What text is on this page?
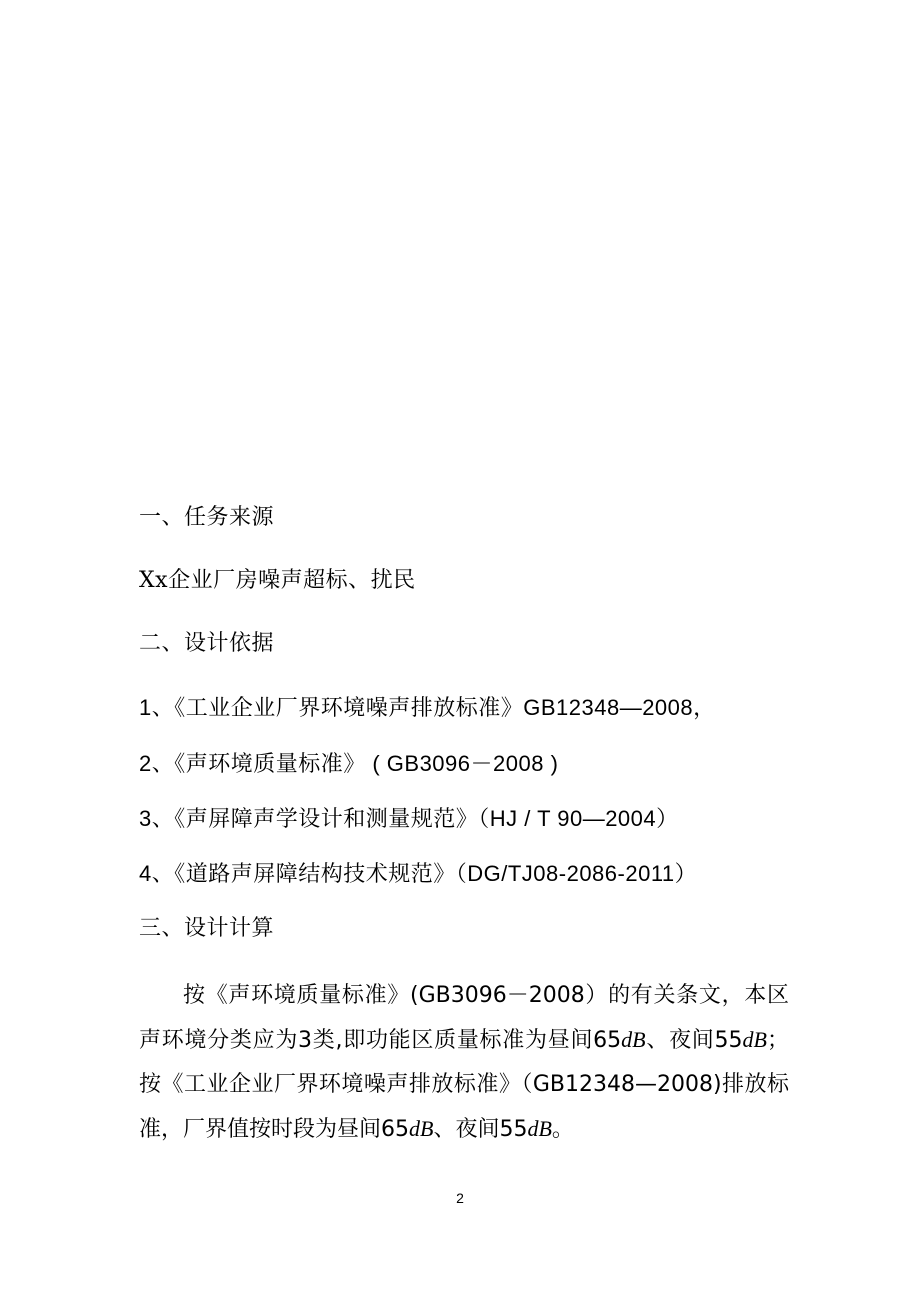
一、任务来源
Xx企业厂房噪声超标、扰民
二、设计依据
1、《工业企业厂界环境噪声排放标准》GB12348—2008，
2、《声环境质量标准》 ( GB3096－2008 )
3、《声屏障声学设计和测量规范》（HJ / T 90—2004）
4、《道路声屏障结构技术规范》（DG/TJ08-2086-2011）
三、设计计算

按《声环境质量标准》(GB3096－2008）的有关条文，本区声环境分类应为3类,即功能区质量标准为昼间65dB、夜间55dB；按《工业企业厂界环境噪声排放标准》（GB12348—2008)排放标准，厂界值按时段为昼间65dB、夜间55dB。

2
